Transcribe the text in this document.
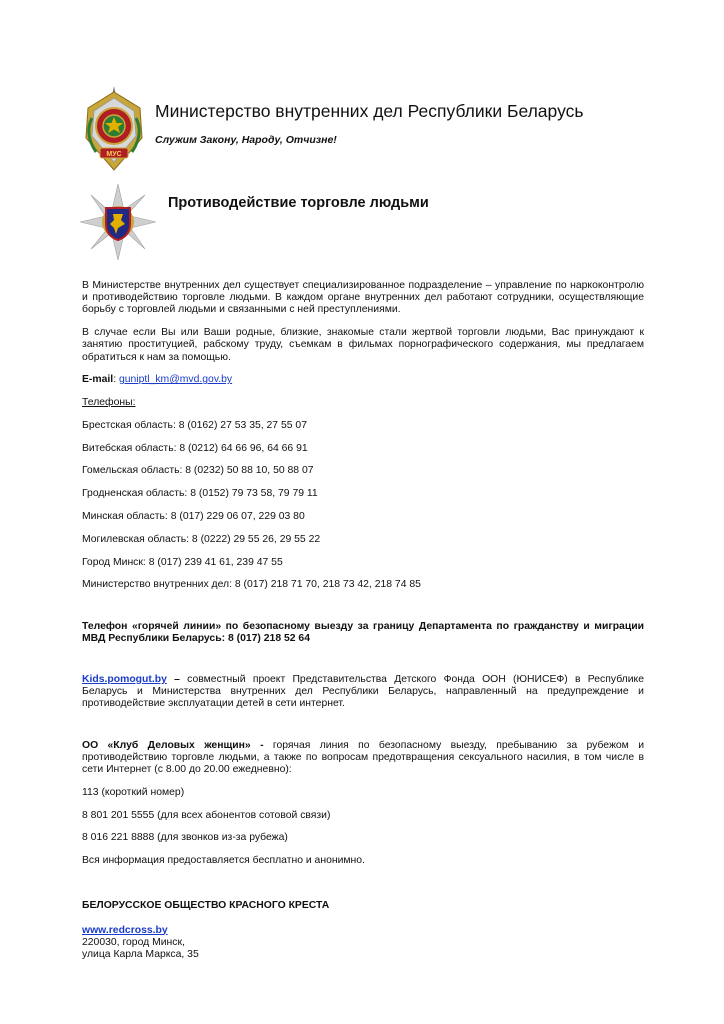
МУС
Министерство внутренних дел Республики Беларусь
Служим Закону, Народу, Отчизне!
Противодействие торговле людьми

В Министерстве внутренних дел существует специализированное подразделение – управление по наркоконтролю и противодействию торговле людьми. В каждом органе внутренних дел работают сотрудники, осуществляющие борьбу с торговлей людьми и связанными с ней преступлениями.

В случае если Вы или Ваши родные, близкие, знакомые стали жертвой торговли людьми, Вас принуждают к занятию проституцией, рабскому труду, съемкам в фильмах порнографического содержания, мы предлагаем обратиться к нам за помощью.

E-mail: guniptl_km@mvd.gov.by

Телефоны:

Брестская область: 8 (0162) 27 53 35, 27 55 07

Витебская область: 8 (0212) 64 66 96, 64 66 91

Гомельская область: 8 (0232) 50 88 10, 50 88 07

Гродненская область: 8 (0152) 79 73 58, 79 79 11

Минская область: 8 (017) 229 06 07, 229 03 80

Могилевская область: 8 (0222) 29 55 26, 29 55 22

Город Минск: 8 (017) 239 41 61, 239 47 55

Министерство внутренних дел: 8 (017) 218 71 70, 218 73 42, 218 74 85

Телефон «горячей линии» по безопасному выезду за границу Департамента по гражданству и миграции МВД Республики Беларусь: 8 (017) 218 52 64

Kids.pomogut.by – совместный проект Представительства Детского Фонда ООН (ЮНИСЕФ) в Республике Беларусь и Министерства внутренних дел Республики Беларусь, направленный на предупреждение и противодействие эксплуатации детей в сети интернет.

ОО «Клуб Деловых женщин» - горячая линия по безопасному выезду, пребыванию за рубежом и противодействию торговле людьми, а также по вопросам предотвращения сексуального насилия, в том числе в сети Интернет (с 8.00 до 20.00 ежедневно):

113 (короткий номер)

8 801 201 5555 (для всех абонентов сотовой связи)

8 016 221 8888 (для звонков из-за рубежа)

Вся информация предоставляется бесплатно и анонимно.

БЕЛОРУССКОЕ ОБЩЕСТВО КРАСНОГО КРЕСТА

www.redcross.by

220030, город Минск,

улица Карла Маркса, 35
